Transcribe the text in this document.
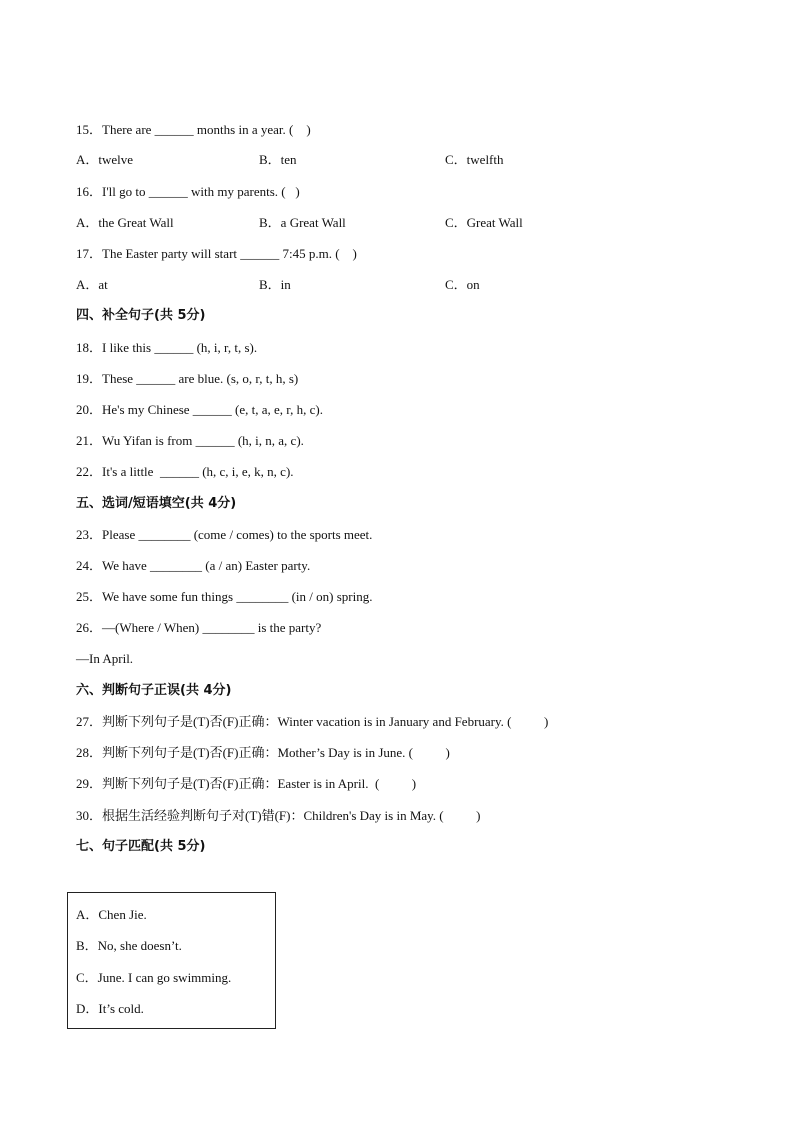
15．There are ______ months in a year. (    )
A．twelve	B．ten	C．twelfth
16．I'll go to ______ with my parents. (   )
A．the Great Wall	B．a Great Wall	C．Great Wall
17．The Easter party will start ______ 7:45 p.m. (    )
A．at	B．in	C．on
四、补全句子(共 5分)
18．I like this ______ (h, i, r, t, s).
19．These ______ are blue. (s, o, r, t, h, s)
20．He's my Chinese ______ (e, t, a, e, r, h, c).
21．Wu Yifan is from ______ (h, i, n, a, c).
22．It's a little  ______ (h, c, i, e, k, n, c).
五、选词/短语填空(共 4分)
23．Please ________ (come / comes) to the sports meet.
24．We have ________ (a / an) Easter party.
25．We have some fun things ________ (in / on) spring.
26．—(Where / When) ________ is the party?
—In April.
六、判断句子正误(共 4分)
27．判断下列句子是(T)否(F)正确：Winter vacation is in January and February. (          )
28．判断下列句子是(T)否(F)正确：Mother’s Day is in June. (          )
29．判断下列句子是(T)否(F)正确：Easter is in April.  (          )
30．根据生活经验判断句子对(T)错(F)：Children's Day is in May. (          )
七、句子匹配(共 5分)
A．Chen Jie.
B．No, she doesn’t.
C．June. I can go swimming.
D．It’s cold.
